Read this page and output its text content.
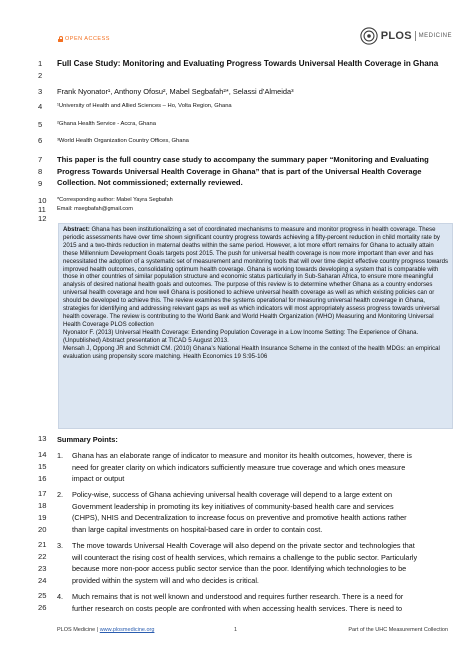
OPEN ACCESS	PLOS MEDICINE
1
2
3
4
5
6
7
8
9
10
11
12
13
14
15
16
17
18
19
20
21
22
23
24
25
26
Full Case Study: Monitoring and Evaluating Progress Towards Universal Health Coverage in Ghana
Frank Nyonator¹, Anthony Ofosu², Mabel Segbafah²*, Selassi d’Almeida³
¹University of Health and Allied Sciences – Ho, Volta Region, Ghana
²Ghana Health Service - Accra, Ghana
³World Health Organization Country Offices, Ghana
This paper is the full country case study to accompany the summary paper “Monitoring and Evaluating Progress Towards Universal Health Coverage in Ghana” that is part of the Universal Health Coverage Collection. Not commissioned; externally reviewed.
*Corresponding author: Mabel Yayra Segbafah
Email: msegbafah@gmail.com
Abstract: Ghana has been institutionalizing a set of coordinated mechanisms to measure and monitor progress in health coverage. These periodic assessments have over time shown significant country progress towards achieving a fifty-percent reduction in child mortality rate by 2015 and a two-thirds reduction in maternal deaths within the same period. However, a lot more effort remains for Ghana to actually attain these Millennium Development Goals targets post 2015. The push for universal health coverage is now more important than ever and has necessitated the adoption of a systematic set of measurement and monitoring tools that will over time depict effective country progress towards improved health outcomes, consolidating optimum health coverage. Ghana is working towards developing a system that is comparable with those in other countries of similar population structure and economic status particularly in Sub-Saharan Africa, to ensure more meaningful analysis of desired national health goals and outcomes. The purpose of this review is to determine whether Ghana as a country endorses universal health coverage and how well Ghana is positioned to achieve universal health coverage as well as which existing policies can or should be developed to achieve this. The review examines the systems operational for measuring universal health coverage in Ghana, strategies for identifying and addressing relevant gaps as well as which indicators will most appropriately assess progress towards universal health coverage. The review is contributing to the World Bank and World Health Organization (WHO) Measuring and Monitoring Universal Health Coverage PLOS collection
Nyonator F. (2013) Universal Health Coverage: Extending Population Coverage in a Low Income Setting: The Experience of Ghana. (Unpublished) Abstract presentation at TICAD 5 August 2013.
Mensah J, Oppong JR and Schmidt CM. (2010) Ghana’s National Health Insurance Scheme in the context of the health MDGs: an empirical evaluation using propensity score matching. Health Economics 19 S:95-106
Summary Points:
1.	Ghana has an elaborate range of indicator to measure and monitor its health outcomes, however, there is
need for greater clarity on which indicators sufficiently measure true coverage and which ones measure
impact or output
2.	Policy-wise, success of Ghana achieving universal health coverage will depend to a large extent on
Government leadership in promoting its key initiatives of community-based health care and services
(CHPS), NHIS and Decentralization to increase focus on preventive and promotive health actions rather
than large capital investments on hospital-based care in order to contain cost.
3.	The move towards Universal Health Coverage will also depend on the private sector and technologies that
will counteract the rising cost of health services, which remains a challenge to the public sector. Particularly
because more non-poor access public sector service than the poor. Identifying which technologies to be
provided within the system will and who decides is critical.
4.	Much remains that is not well known and understood and requires further research. There is a need for
further research on costs people are confronted with when accessing health services. There is need to
PLOS Medicine | www.plosmedicine.org	1	Part of the UHC Measurement Collection
